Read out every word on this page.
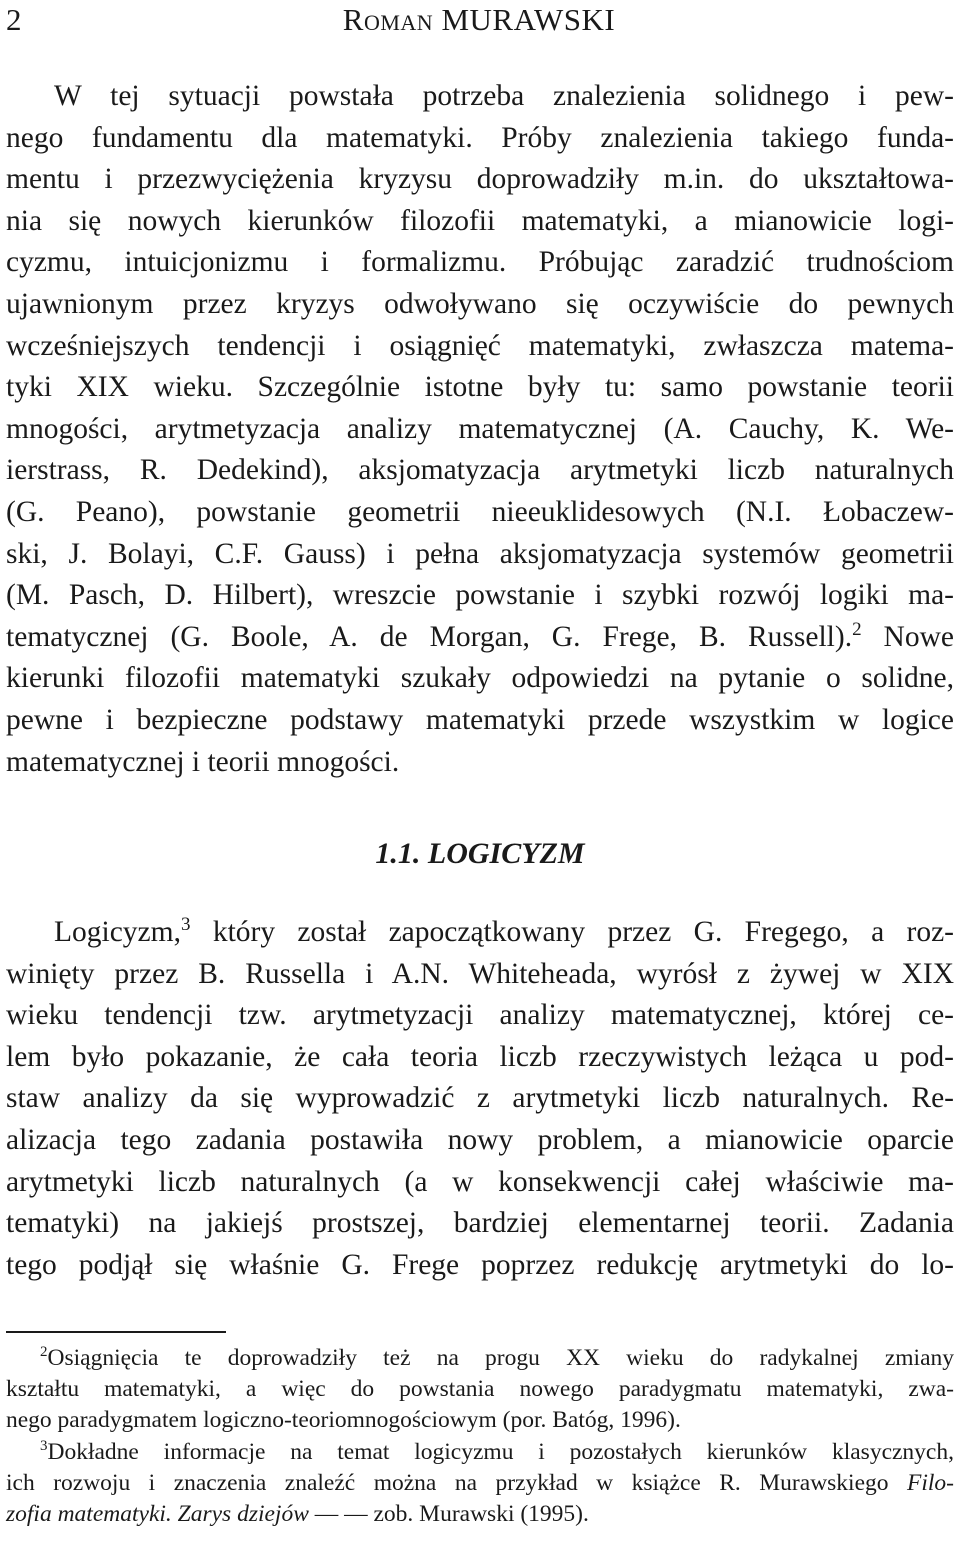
2	Roman MURAWSKI
W tej sytuacji powstała potrzeba znalezienia solidnego i pew-
nego fundamentu dla matematyki. Próby znalezienia takiego funda-
mentu i przezwyciężenia kryzysu doprowadziły m.in. do ukształtowa-
nia się nowych kierunków filozofii matematyki, a mianowicie logi-
cyzmu, intuicjonizmu i formalizmu. Próbując zaradzić trudnościom
ujawnionym przez kryzys odwoływano się oczywiście do pewnych
wcześniejszych tendencji i osiągnięć matematyki, zwłaszcza matema-
tyki XIX wieku. Szczególnie istotne były tu: samo powstanie teorii
mnogości, arytmetyzacja analizy matematycznej (A. Cauchy, K. We-
ierstrass, R. Dedekind), aksjomatyzacja arytmetyki liczb naturalnych
(G. Peano), powstanie geometrii nieeuklidesowych (N.I. Łobaczew-
ski, J. Bolayi, C.F. Gauss) i pełna aksjomatyzacja systemów geometrii
(M. Pasch, D. Hilbert), wreszcie powstanie i szybki rozwój logiki ma-
tematycznej (G. Boole, A. de Morgan, G. Frege, B. Russell).$^2$ Nowe
kierunki filozofii matematyki szukały odpowiedzi na pytanie o solidne,
pewne i bezpieczne podstawy matematyki przede wszystkim w logice
matematycznej i teorii mnogości.
1.1. LOGICYZM
Logicyzm,$^3$ który został zapoczątkowany przez G. Fregego, a roz-
winięty przez B. Russella i A.N. Whiteheada, wyrósł z żywej w XIX
wieku tendencji tzw. arytmetyzacji analizy matematycznej, której ce-
lem było pokazanie, że cała teoria liczb rzeczywistych leżąca u pod-
staw analizy da się wyprowadzić z arytmetyki liczb naturalnych. Re-
alizacja tego zadania postawiła nowy problem, a mianowicie oparcie
arytmetyki liczb naturalnych (a w konsekwencji całej właściwie ma-
tematyki) na jakiejś prostszej, bardziej elementarnej teorii. Zadania
tego podjął się właśnie G. Frege poprzez redukcję arytmetyki do lo-
$^2$Osiągnięcia te doprowadziły też na progu XX wieku do radykalnej zmiany
kształtu matematyki, a więc do powstania nowego paradygmatu matematyki, zwa-
nego paradygmatem logiczno-teoriomnogościowym (por. Batóg, 1996).
$^3$Dokładne informacje na temat logicyzmu i pozostałych kierunków klasycznych,
ich rozwoju i znaczenia znaleźć można na przykład w książce R. Murawskiego Filo-
zofia matematyki. Zarys dziejów — — zob. Murawski (1995).
